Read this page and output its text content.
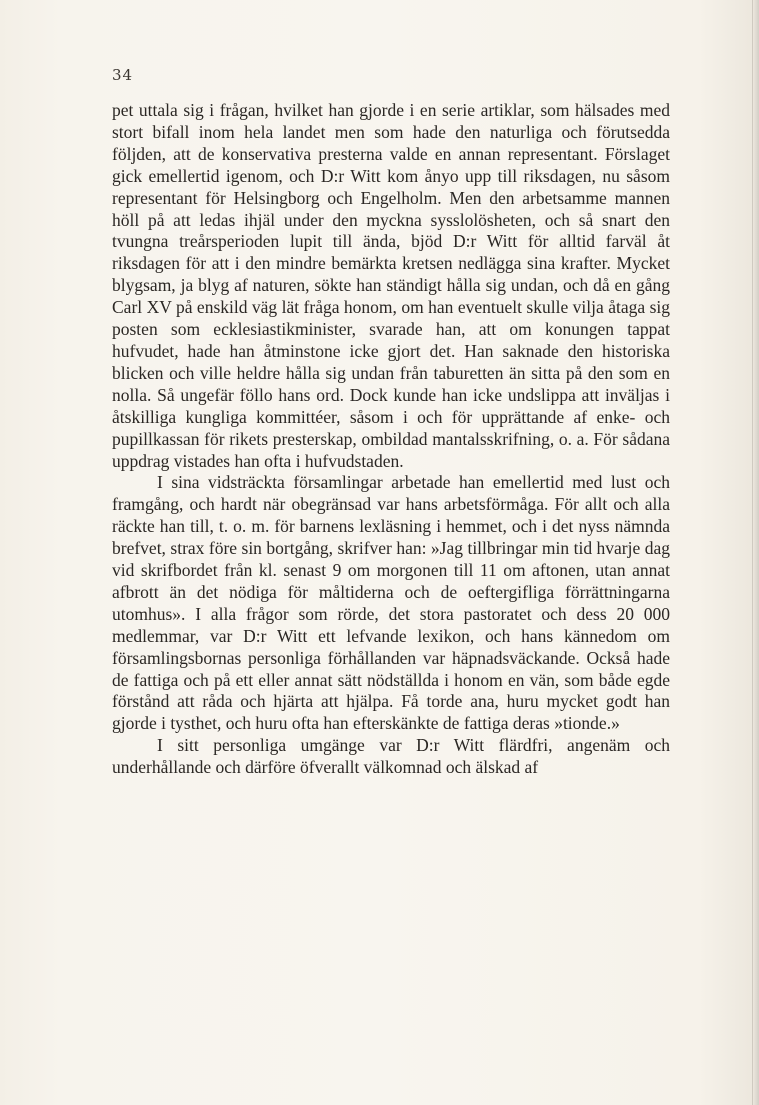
34

pet uttala sig i frågan, hvilket han gjorde i en serie artiklar, som hälsades med stort bifall inom hela landet men som hade den naturliga och förutsedda följden, att de konservativa presterna valde en annan representant. Förslaget gick emellertid igenom, och D:r Witt kom ånyo upp till riksdagen, nu såsom representant för Helsingborg och Engelholm. Men den arbetsamme mannen höll på att ledas ihjäl under den myckna sysslolösheten, och så snart den tvungna treårsperioden lupit till ända, bjöd D:r Witt för alltid farväl åt riksdagen för att i den mindre bemärkta kretsen nedlägga sina krafter. Mycket blygsam, ja blyg af naturen, sökte han ständigt hålla sig undan, och då en gång Carl XV på enskild väg lät fråga honom, om han eventuelt skulle vilja åtaga sig posten som ecklesiastikminister, svarade han, att om konungen tappat hufvudet, hade han åtminstone icke gjort det. Han saknade den historiska blicken och ville heldre hålla sig undan från taburetten än sitta på den som en nolla. Så ungefär föllo hans ord. Dock kunde han icke undslippa att inväljas i åtskilliga kungliga kommittéer, såsom i och för upprättande af enke- och pupillkassan för rikets presterskap, ombildad mantalsskrifning, o. a. För sådana uppdrag vistades han ofta i hufvudstaden.

I sina vidsträckta församlingar arbetade han emellertid med lust och framgång, och hardt när obegränsad var hans arbetsförmåga. För allt och alla räckte han till, t. o. m. för barnens lexläsning i hemmet, och i det nyss nämnda brefvet, strax före sin bortgång, skrifver han: »Jag tillbringar min tid hvarje dag vid skrifbordet från kl. senast 9 om morgonen till 11 om aftonen, utan annat afbrott än det nödiga för måltiderna och de oeftergifliga förrättningarna utomhus». I alla frågor som rörde, det stora pastoratet och dess 20 000 medlemmar, var D:r Witt ett lefvande lexikon, och hans kännedom om församlingsbornas personliga förhållanden var häpnadsväckande. Också hade de fattiga och på ett eller annat sätt nödställda i honom en vän, som både egde förstånd att råda och hjärta att hjälpa. Få torde ana, huru mycket godt han gjorde i tysthet, och huru ofta han efterskänkte de fattiga deras »tionde.»

I sitt personliga umgänge var D:r Witt flärdfri, angenäm och underhållande och därföre öfverallt välkomnad och älskad af
